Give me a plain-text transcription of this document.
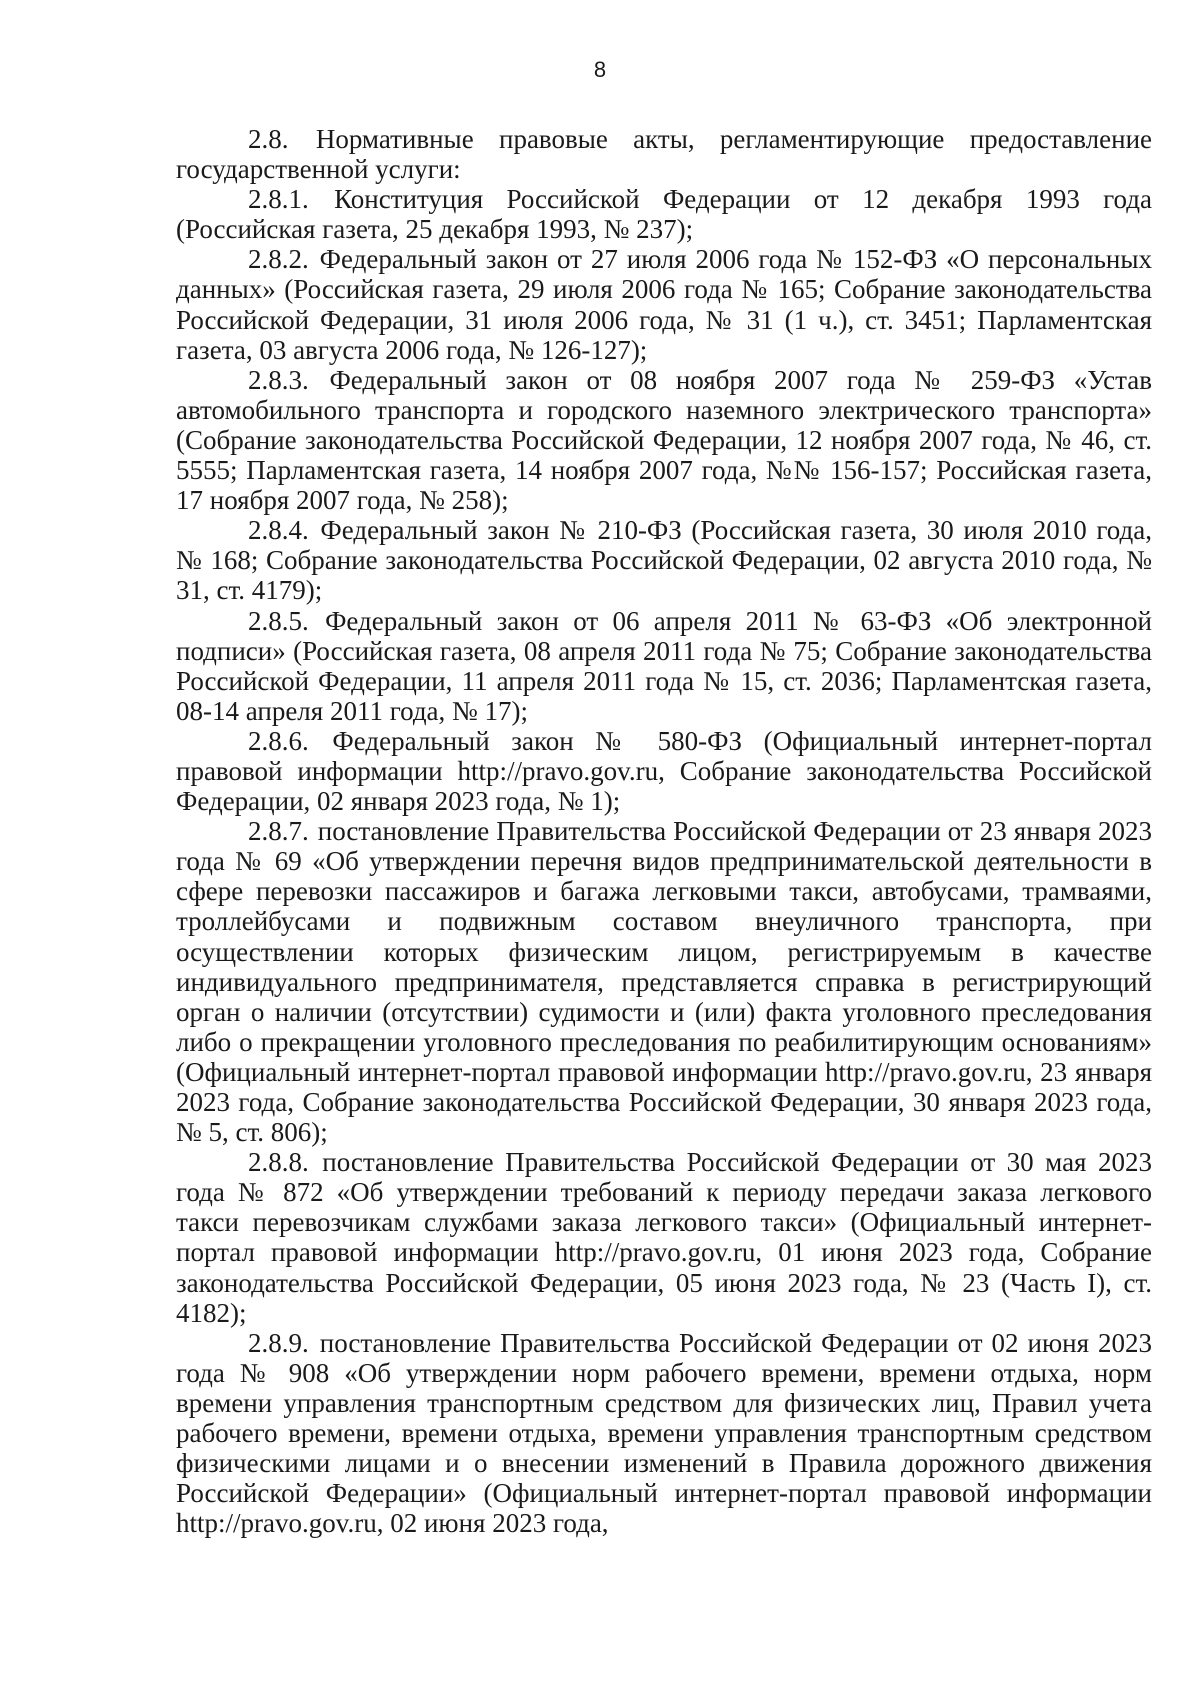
8

2.8. Нормативные правовые акты, регламентирующие предоставление государственной услуги:

2.8.1. Конституция Российской Федерации от 12 декабря 1993 года (Российская газета, 25 декабря 1993, № 237);

2.8.2. Федеральный закон от 27 июля 2006 года № 152-ФЗ «О персональных данных» (Российская газета, 29 июля 2006 года № 165; Собрание законодательства Российской Федерации, 31 июля 2006 года, № 31 (1 ч.), ст. 3451; Парламентская газета, 03 августа 2006 года, № 126-127);

2.8.3. Федеральный закон от 08 ноября 2007 года № 259-ФЗ «Устав автомобильного транспорта и городского наземного электрического транспорта» (Собрание законодательства Российской Федерации, 12 ноября 2007 года, № 46, ст. 5555; Парламентская газета, 14 ноября 2007 года, №№ 156-157; Российская газета, 17 ноября 2007 года, № 258);

2.8.4. Федеральный закон № 210-ФЗ (Российская газета, 30 июля 2010 года, № 168; Собрание законодательства Российской Федерации, 02 августа 2010 года, № 31, ст. 4179);

2.8.5. Федеральный закон от 06 апреля 2011 № 63-ФЗ «Об электронной подписи» (Российская газета, 08 апреля 2011 года № 75; Собрание законодательства Российской Федерации, 11 апреля 2011 года № 15, ст. 2036; Парламентская газета, 08-14 апреля 2011 года, № 17);

2.8.6. Федеральный закон № 580-ФЗ (Официальный интернет-портал правовой информации http://pravo.gov.ru, Собрание законодательства Российской Федерации, 02 января 2023 года, № 1);

2.8.7. постановление Правительства Российской Федерации от 23 января 2023 года № 69 «Об утверждении перечня видов предпринимательской деятельности в сфере перевозки пассажиров и багажа легковыми такси, автобусами, трамваями, троллейбусами и подвижным составом внеуличного транспорта, при осуществлении которых физическим лицом, регистрируемым в качестве индивидуального предпринимателя, представляется справка в регистрирующий орган о наличии (отсутствии) судимости и (или) факта уголовного преследования либо о прекращении уголовного преследования по реабилитирующим основаниям» (Официальный интернет-портал правовой информации http://pravo.gov.ru, 23 января 2023 года, Собрание законодательства Российской Федерации, 30 января 2023 года, № 5, ст. 806);

2.8.8. постановление Правительства Российской Федерации от 30 мая 2023 года № 872 «Об утверждении требований к периоду передачи заказа легкового такси перевозчикам службами заказа легкового такси» (Официальный интернет-портал правовой информации http://pravo.gov.ru, 01 июня 2023 года, Собрание законодательства Российской Федерации, 05 июня 2023 года, № 23 (Часть I), ст. 4182);

2.8.9. постановление Правительства Российской Федерации от 02 июня 2023 года № 908 «Об утверждении норм рабочего времени, времени отдыха, норм времени управления транспортным средством для физических лиц, Правил учета рабочего времени, времени отдыха, времени управления транспортным средством физическими лицами и о внесении изменений в Правила дорожного движения Российской Федерации» (Официальный интернет-портал правовой информации http://pravo.gov.ru, 02 июня 2023 года,
